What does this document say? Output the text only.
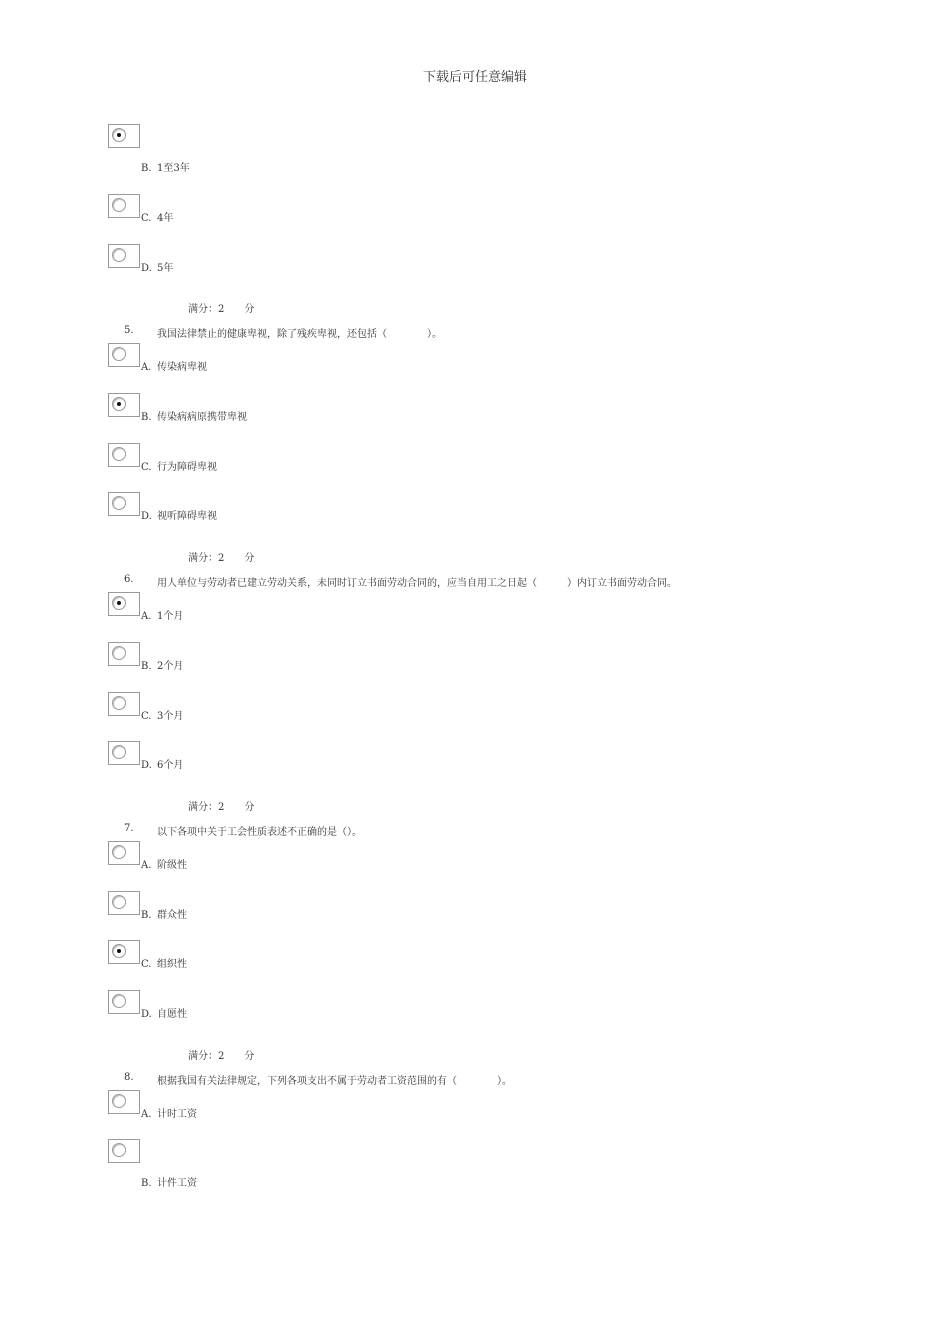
下载后可任意编辑
B. 1至3年
C. 4年
D. 5年
满分：2 分
5. 我国法律禁止的健康卑视，除了残疾卑视，还包括（　　　　）。
A. 传染病卑视
B. 传染病病原携带卑视
C. 行为障碍卑视
D. 视听障碍卑视
满分：2 分
6. 用人单位与劳动者已建立劳动关系，未同时订立书面劳动合同的，应当自用工之日起（　　　）内订立书面劳动合同。
A. 1个月
B. 2个月
C. 3个月
D. 6个月
满分：2 分
7. 以下各项中关于工会性质表述不正确的是（）。
A. 阶级性
B. 群众性
C. 组织性
D. 自愿性
满分：2 分
8. 根据我国有关法律规定，下列各项支出不属于劳动者工资范围的有（　　　　）。
A. 计时工资
B. 计件工资
